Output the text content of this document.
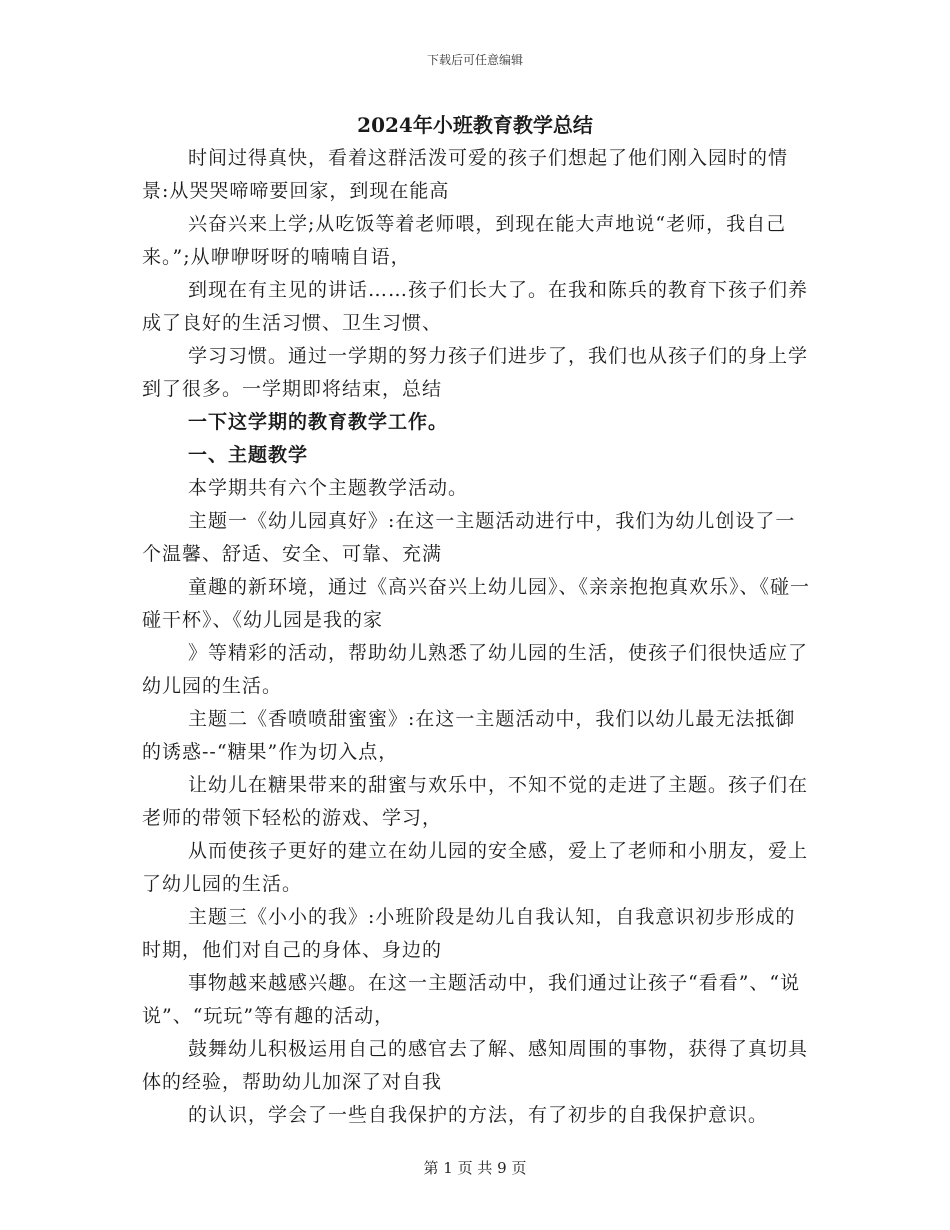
下载后可任意编辑
2024年小班教育教学总结

时间过得真快，看着这群活泼可爱的孩子们想起了他们刚入园时的情景:从哭哭啼啼要回家，到现在能高

兴奋兴来上学;从吃饭等着老师喂，到现在能大声地说“老师，我自己来。”;从咿咿呀呀的喃喃自语，

到现在有主见的讲话……孩子们长大了。在我和陈兵的教育下孩子们养成了良好的生活习惯、卫生习惯、

学习习惯。通过一学期的努力孩子们进步了，我们也从孩子们的身上学到了很多。一学期即将结束，总结

一下这学期的教育教学工作。

一、主题教学

本学期共有六个主题教学活动。

主题一《幼儿园真好》:在这一主题活动进行中，我们为幼儿创设了一个温馨、舒适、安全、可靠、充满

童趣的新环境，通过《高兴奋兴上幼儿园》、《亲亲抱抱真欢乐》、《碰一碰干杯》、《幼儿园是我的家

》等精彩的活动，帮助幼儿熟悉了幼儿园的生活，使孩子们很快适应了幼儿园的生活。

主题二《香喷喷甜蜜蜜》:在这一主题活动中，我们以幼儿最无法抵御的诱惑--“糖果”作为切入点，

让幼儿在糖果带来的甜蜜与欢乐中，不知不觉的走进了主题。孩子们在老师的带领下轻松的游戏、学习，

从而使孩子更好的建立在幼儿园的安全感，爱上了老师和小朋友，爱上了幼儿园的生活。

主题三《小小的我》:小班阶段是幼儿自我认知，自我意识初步形成的时期，他们对自己的身体、身边的

事物越来越感兴趣。在这一主题活动中，我们通过让孩子“看看”、“说说”、“玩玩”等有趣的活动，

鼓舞幼儿积极运用自己的感官去了解、感知周围的事物，获得了真切具体的经验，帮助幼儿加深了对自我

的认识，学会了一些自我保护的方法，有了初步的自我保护意识。

第 1 页 共 9 页
